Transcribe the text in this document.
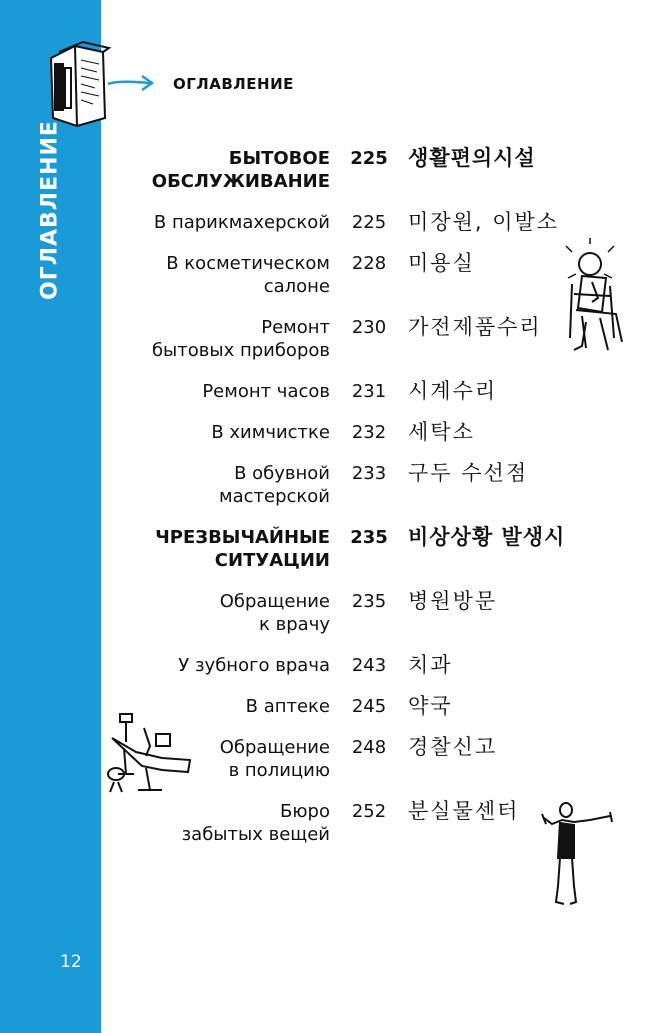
ОГЛАВЛЕНИЕ
12
ОГЛАВЛЕНИЕ
БЫТОВОЕ
ОБСЛУЖИВАНИЕ
225 생활편의시설
В парикмахерской 225 미장원, 이발소
В косметическом
салоне
228 미용실
Ремонт
бытовых приборов
230 가전제품수리
Ремонт часов 231 시계수리
В химчистке 232 세탁소
В обувной
мастерской
233 구두 수선점
ЧРЕЗВЫЧАЙНЫЕ
СИТУАЦИИ
235 비상상황 발생시
Обращение
к врачу
235 병원방문
У зубного врача 243 치과
В аптеке 245 약국
Обращение
в полицию
248 경찰신고
Бюро
забытых вещей
252 분실물센터
